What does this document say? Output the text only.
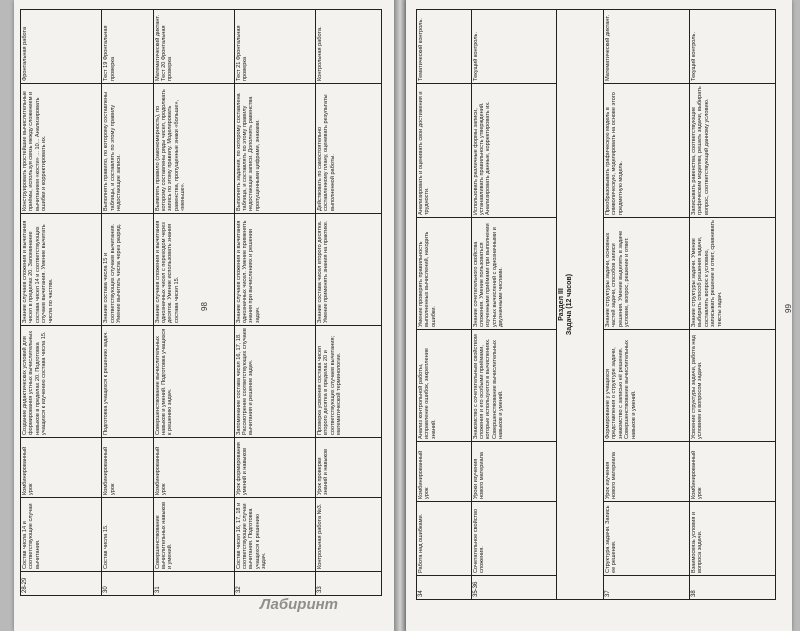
28-29	Состав числа 14 и соответствующие случаи вычитания.	Комбинированный урок	Создание дидактических условий для формирования устных вычислительных навыков в пределах 20. Подготовка учащихся к изучению состава числа 15.	Знание случаев сложения и вычитания чисел в пределах 20. Запоминание состава чисел 14 и соответствующих случаев вычитания. Умение вычитать числа по частям.	Конструировать простейшие вычислительные приёмы, используя связь между сложением и вычитанием «кости» ... 10... Анализировать ошибки и корректировать их.	Фронтальная работа
30	Состав числа 15.	Комбинированный урок	Подготовка учащихся к решению задач.	Знание состава числа 15 и соответствующих случаев вычитания. Умение вычитать числа через разряд.	Выполнять правило, по которому составлены таблицы, и составлять по этому правилу недостающие записи.	Тест 19 Фронтальная проверка
31	Совершенствование вычислительных навыков и умений.	Комбинированный урок	Совершенствование вычислительных навыков и умений. Подготовка учащихся к решению задач.	Знание случаев сложения и вычитания однозначных чисел с переходом через десяток. Умение использовать знания состава чисел 15.	Выявлять правило (закономерность), по которому составлены ряды чисел, продолжать запись по этому правилу. Моделировать равенства, пропущенные знаки «больше», «меньше».	Математический диктант. Тест 20 Фронтальная проверка
32	Состав чисел 16, 17, 18 и соответствующие случаи вычитания. Подготовка учащихся к решению задач.	Урок формирования умений и навыков	Запоминание состава чисел 16, 17, 18. Рассмотрение соответствующих случаев вычитания и решение задач.	Знание случаев сложения и вычитания однозначных чисел. Умение применять знания при вычислениях и решении задач.	Выполнять задания, по которому составлена таблица, и составлять по этому правилу недостающие записи. Дополнять равенства пропущенными цифрами, знаками.	Тест 21 Фронтальная проверка
33	Контрольная работа №3.	Урок проверки знаний и навыков	Проверка усвоения состава чисел второго десятка в пределах 20 и соответствующих случаев вычитания; математической терминологии.	Знание состава чисел второго десятка. Умение применять знания на практике.	Действовать по самостоятельно составленному плану, оценивать результаты выполненной работы.	Контрольная работа.
98
34	Работа над ошибками.	Комбинированный урок	Анализ контрольной работы, исправление ошибок, закрепление знаний.	Умение проверять правильность выполненных вычислений, находить ошибки.	Анализировать и оценивать свои достижения и трудности.	Тематический контроль.
35-36	Сочетательное свойство сложения.	Уроки изучения нового материала	Знакомство с сочетательным свойством сложения и его особыми приёмами, которые используются в вычислениях. Совершенствование вычислительных навыков и умений.	Знание сочетательного свойства сложения. Умение пользоваться изученными приёмами при выполнении устных вычислений с однозначными и двузначными числами.	Использовать различные формы записи, устанавливать правильность утверждений. Анализировать данные, корректировать их.	Текущий контроль.
Раздел III
Задача (12 часов)						
37	Структура задачи. Запись ее решения.	Урок изучения нового материала	Формирование у учащихся представления о структуре задачи, знакомство с записью её решения. Совершенствование вычислительных навыков и умений.	Знание структуры задачи, основных частей задачи, способов записи решения. Умение выделять в задаче условие, вопрос, решение и ответ.	Преобразовывать графическую модель в символическую, моделировать на основе этого предметную модель.	Математический диктант.
38	Взаимосвязь условия и вопроса задачи.	Комбинированный урок	Усвоение структуры задачи, работа над условием и вопросом задачи.	Знание структуры задачи. Умение выбирать способ решения задачи, составлять вопрос к условию, записывать решение и ответ, сравнивать тексты задач.	Записывать равенства, соответствующие графическим моделям, решать задачи, выбирать вопрос, соответствующий данному условию.	Текущий контроль.
99
Лабиринт
